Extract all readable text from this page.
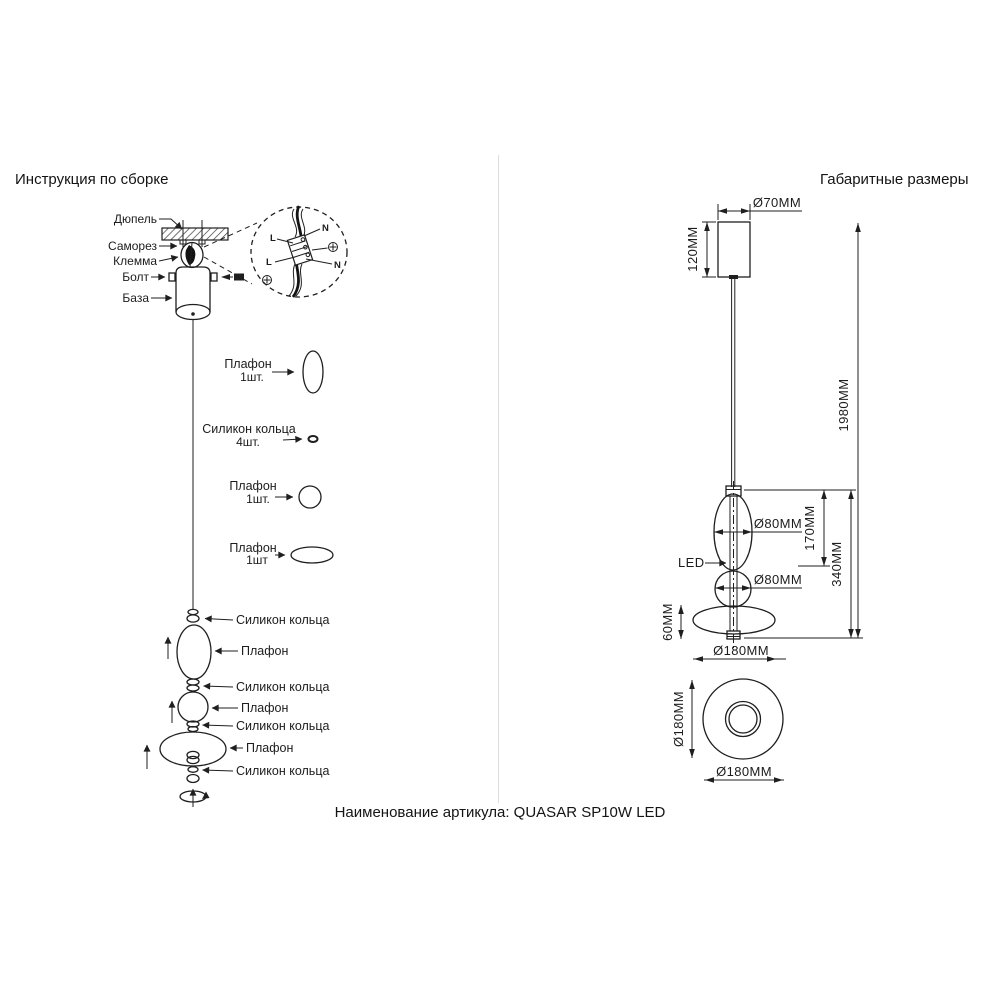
Инструкция по сборке	Габаритные размеры
Наименование артикула: QUASAR SP10W LED
Дюпель
Саморез
Клемма
Болт
База
N
L
L	N
Плафон
1шт.
Силикон кольца
4шт.
Плафон
1шт.
Плафон
1шт
Силикон кольца
Плафон
Силикон кольца
Плафон
Силикон кольца
Плафон
Силикон кольца
Ø70MM
120MM
1980MM
Ø80MM
LED
Ø80MM
60MM
170MM
340MM
Ø180MM
Ø180MM
Ø180MM
